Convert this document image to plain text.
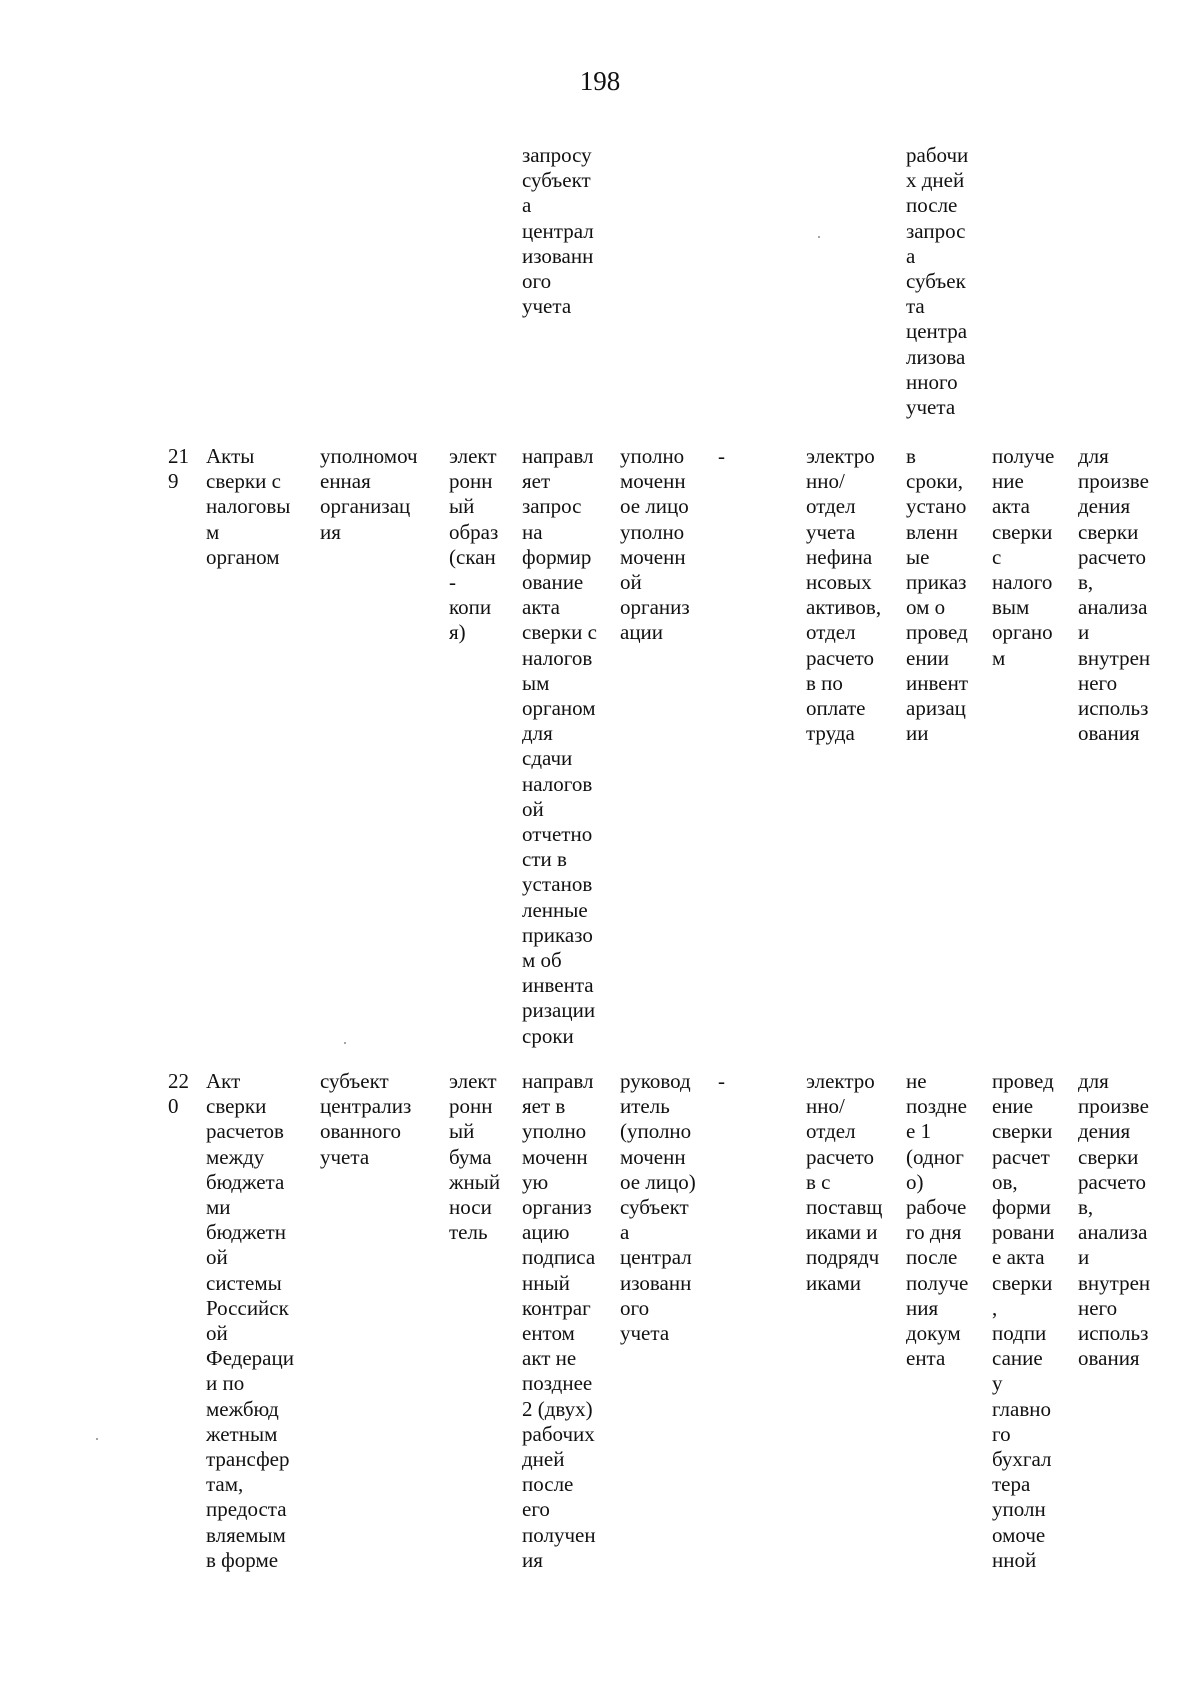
198
запросу
субъект
а
централ
изованн
ого
учета
рабочи
х дней
после
запрос
а
субъек
та
центра
лизова
нного
учета
21
9
Акты
сверки с
налоговы
м
органом
уполномоч
енная
организац
ия
элект
ронн
ый
образ
(скан
-
копи
я)
направл
яет
запрос
на
формир
ование
акта
сверки с
налогов
ым
органом
для
сдачи
налогов
ой
отчетно
сти в
установ
ленные
приказо
м об
инвента
ризации
сроки
уполно
моченн
ое лицо
уполно
моченн
ой
организ
ации
-	электро
нно/
отдел
учета
нефина
нсовых
активов,
отдел
расчето
в по
оплате
труда
в
сроки,
устано
вленн
ые
приказ
ом о
провед
ении
инвент
аризац
ии
получе
ние
акта
сверки
с
налого
вым
органо
м
для
произве
дения
сверки
расчето
в,
анализа
и
внутрен
него
использ
ования
22
0
Акт
сверки
расчетов
между
бюджета
ми
бюджетн
ой
системы
Российск
ой
Федераци
и по
межбюд
жетным
трансфер
там,
предоста
вляемым
в форме
субъект
централиз
ованного
учета
элект
ронн
ый
бума
жный
носи
тель
направл
яет в
уполно
моченн
ую
организ
ацию
подписа
нный
контраг
ентом
акт не
позднее
2 (двух)
рабочих
дней
после
его
получен
ия
руковод
итель
(уполно
моченн
ое лицо)
субъект
а
централ
изованн
ого
учета
-	электро
нно/
отдел
расчето
в с
поставщ
иками и
подрядч
иками
не
поздне
е 1
(одног
о)
рабоче
го дня
после
получе
ния
докум
ента
провед
ение
сверки
расчет
ов,
форми
ровани
е акта
сверки
,
подпи
сание
у
главно
го
бухгал
тера
уполн
омоче
нной
для
произве
дения
сверки
расчето
в,
анализа
и
внутрен
него
использ
ования
